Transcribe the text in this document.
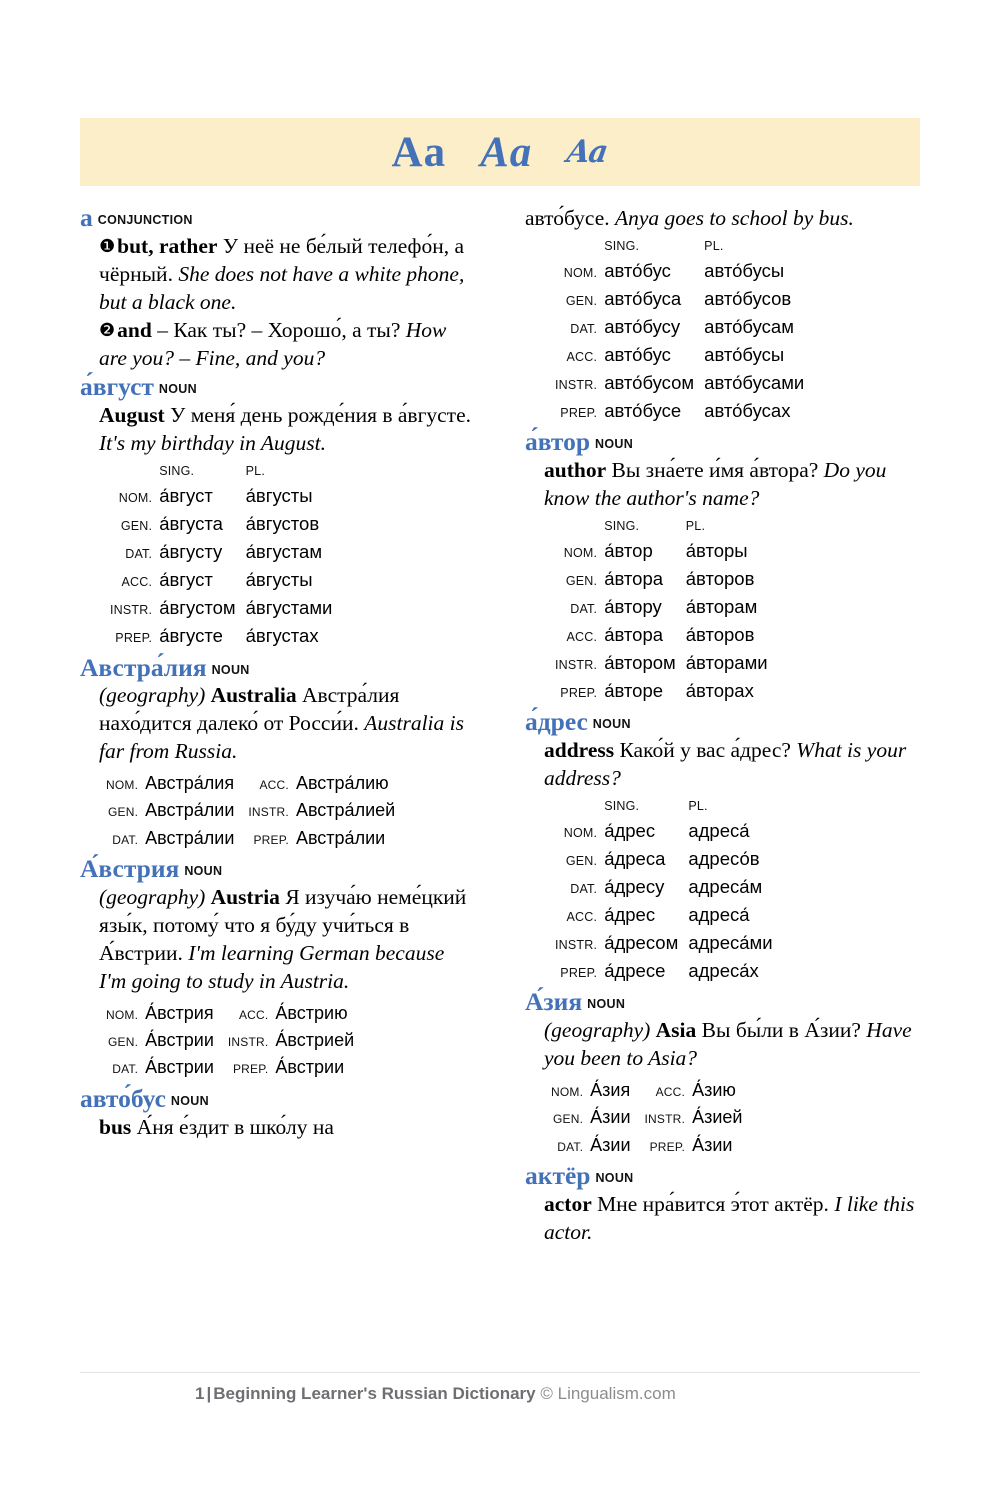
Aa Aa Aa
aCONJUNCTION
❶but, rather У неё не бе́лый телефо́н, а чёрный. She does not have a white phone, but a black one.
❷and – Как ты? – Хорошо́, а ты? How are you? – Fine, and you?
а́вгуст NOUN
August У меня́ день рожде́ния в а́вгусте. It's my birthday in August.
	SING.	PL.
NOM.	а́вгуст	а́вгусты
GEN.	а́вгуста	а́вгустов
DAT.	а́вгусту	а́вгустам
ACC.	а́вгуст	а́вгусты
INSTR.	а́вгустом	а́вгустами
PREP.	а́вгусте	а́вгустах
Австра́лия NOUN
(geography) Australia Австра́лия нахо́дится далеко́ от Росси́и. Australia is far from Russia.
NOM.	Австра́лия	ACC.	Австра́лию
GEN.	Австра́лии	INSTR.	Австра́лией
DAT.	Австра́лии	PREP.	Австра́лии
А́встрия NOUN
(geography) Austria Я изуча́ю неме́цкий язы́к, потому́ что я бу́ду учи́ться в А́встрии. I'm learning German because I'm going to study in Austria.
NOM.	А́встрия	ACC.	А́встрию
GEN.	А́встрии	INSTR.	А́встрией
DAT.	А́встрии	PREP.	А́встрии
авто́бус NOUN
bus А́ня е́здит в шко́лу на
авто́бусе. Anya goes to school by bus.
	SING.	PL.
NOM.	авто́бус	авто́бусы
GEN.	авто́буса	авто́бусов
DAT.	авто́бусу	авто́бусам
ACC.	авто́бус	авто́бусы
INSTR.	авто́бусом	авто́бусами
PREP.	авто́бусе	авто́бусах
а́втор NOUN
author Вы зна́ете и́мя а́втора? Do you know the author's name?
	SING.	PL.
NOM.	а́втор	а́вторы
GEN.	а́втора	а́второв
DAT.	а́втору	а́вторам
ACC.	а́втора	а́второв
INSTR.	а́втором	а́вторами
PREP.	а́вторе	а́вторах
а́дрес NOUN
address Како́й у вас а́дрес? What is your address?
	SING.	PL.
NOM.	а́дрес	адреса́
GEN.	а́дреса	адресо́в
DAT.	а́дресу	адреса́м
ACC.	а́дрес	адреса́
INSTR.	а́дресом	адреса́ми
PREP.	а́дресе	адреса́х
А́зия NOUN
(geography) Asia Вы бы́ли в А́зии? Have you been to Asia?
NOM.	А́зия	ACC.	А́зию
GEN.	А́зии	INSTR.	А́зией
DAT.	А́зии	PREP.	А́зии
актёр NOUN
actor Мне нра́вится э́тот актёр. I like this actor.
1 | Beginning Learner's Russian Dictionary © Lingualism.com
